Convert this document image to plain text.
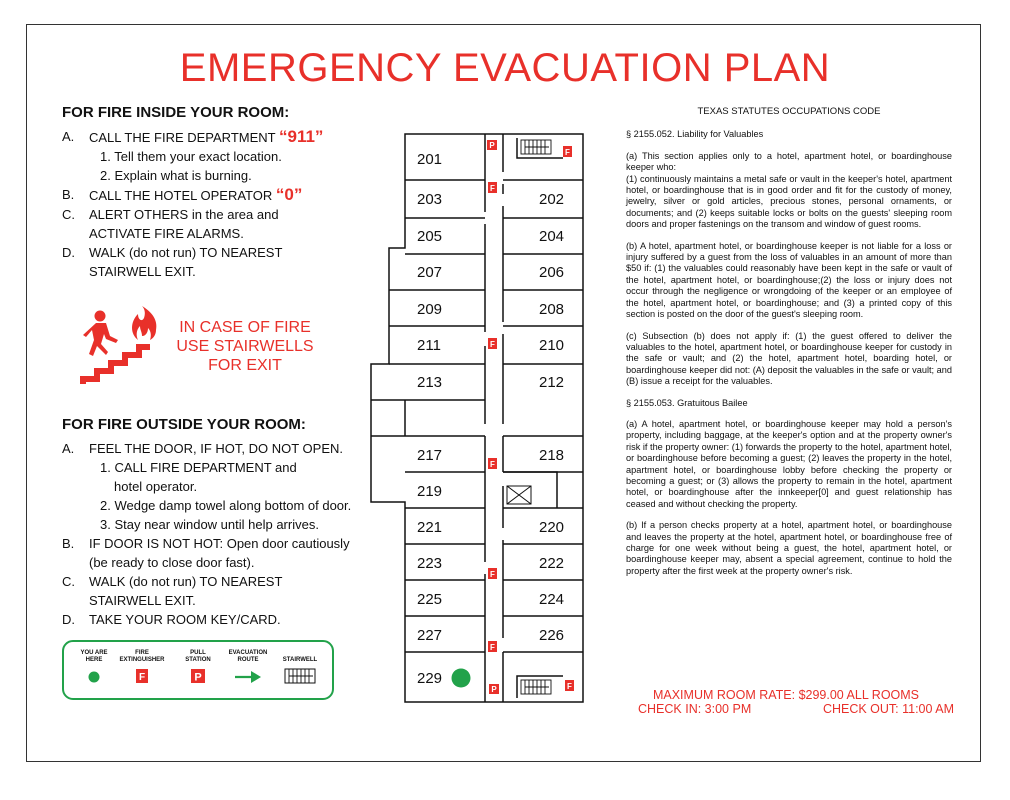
EMERGENCY EVACUATION PLAN
FOR FIRE INSIDE YOUR ROOM:
A. CALL THE FIRE DEPARTMENT “911”
1. Tell them your exact location.
2. Explain what is burning.
B. CALL THE HOTEL OPERATOR “0”
C. ALERT OTHERS in the area and
ACTIVATE FIRE ALARMS.
D. WALK (do not run) TO NEAREST
STAIRWELL EXIT.
IN CASE OF FIRE
USE STAIRWELLS
FOR EXIT
FOR FIRE OUTSIDE YOUR ROOM:
A. FEEL THE DOOR, IF HOT, DO NOT OPEN.
1. CALL FIRE DEPARTMENT and
hotel operator.
2. Wedge damp towel along bottom of door.
3. Stay near window until help arrives.
B. IF DOOR IS NOT HOT: Open door cautiously
(be ready to close door fast).
C. WALK (do not run) TO NEAREST
STAIRWELL EXIT.
D. TAKE YOUR ROOM KEY/CARD.
YOU ARE HERE
FIRE EXTINGUISHER
F
PULL STATION
P
EVACUATION ROUTE	STAIRWELL
P
P
F
F
F
F
F
F
F
201
203	202
205	204
207	206
209	208
211	210
213	212
217	218
219
221	220
223	222
225	224
227	226
229
TEXAS STATUTES OCCUPATIONS CODE

§ 2155.052. Liability for Valuables

(a) This section applies only to a hotel, apartment hotel, or boardinghouse keeper who:
(1) continuously maintains a metal safe or vault in the keeper's hotel, apartment hotel, or boardinghouse that is in good order and fit for the custody of money, jewelry, silver or gold articles, precious stones, personal ornaments, or documents; and (2) keeps suitable locks or bolts on the guests' sleeping room doors and proper fastenings on the transom and window of guest rooms.

(b) A hotel, apartment hotel, or boardinghouse keeper is not liable for a loss or injury suffered by a guest from the loss of valuables in an amount of more than $50 if: (1) the valuables could reasonably have been kept in the safe or vault of the hotel, apartment hotel, or boardinghouse;(2) the loss or injury does not occur through the negligence or wrongdoing of the keeper or an employee of the hotel, apartment hotel, or boardinghouse; and (3) a printed copy of this section is posted on the door of the guest's sleeping room.

(c) Subsection (b) does not apply if: (1) the guest offered to deliver the valuables to the hotel, apartment hotel, or boardinghouse keeper for custody in the safe or vault; and (2) the hotel, apartment hotel, boarding hotel, or boardinghouse keeper did not: (A) deposit the valuables in the safe or vault; and (B) issue a receipt for the valuables.

§ 2155.053. Gratuitous Bailee

(a) A hotel, apartment hotel, or boardinghouse keeper may hold a person's property, including baggage, at the keeper's option and at the property owner's risk if the property owner: (1) forwards the property to the hotel, apartment hotel, or boardinghouse before becoming a guest; (2) leaves the property in the hotel, apartment hotel, or boardinghouse lobby before checking the property or becoming a guest; or (3) allows the property to remain in the hotel, apartment hotel, or boardinghouse after the innkeeper[0] and guest relationship has ceased and without checking the property.

(b) If a person checks property at a hotel, apartment hotel, or boardinghouse and leaves the property at the hotel, apartment hotel, or boardinghouse free of charge for one week without being a guest, the hotel, apartment hotel, or boardinghouse keeper may, absent a special agreement, continue to hold the property after the first week at the property owner's risk.

MAXIMUM ROOM RATE: $299.00 ALL ROOMS
CHECK IN: 3:00 PM	CHECK OUT: 11:00 AM
